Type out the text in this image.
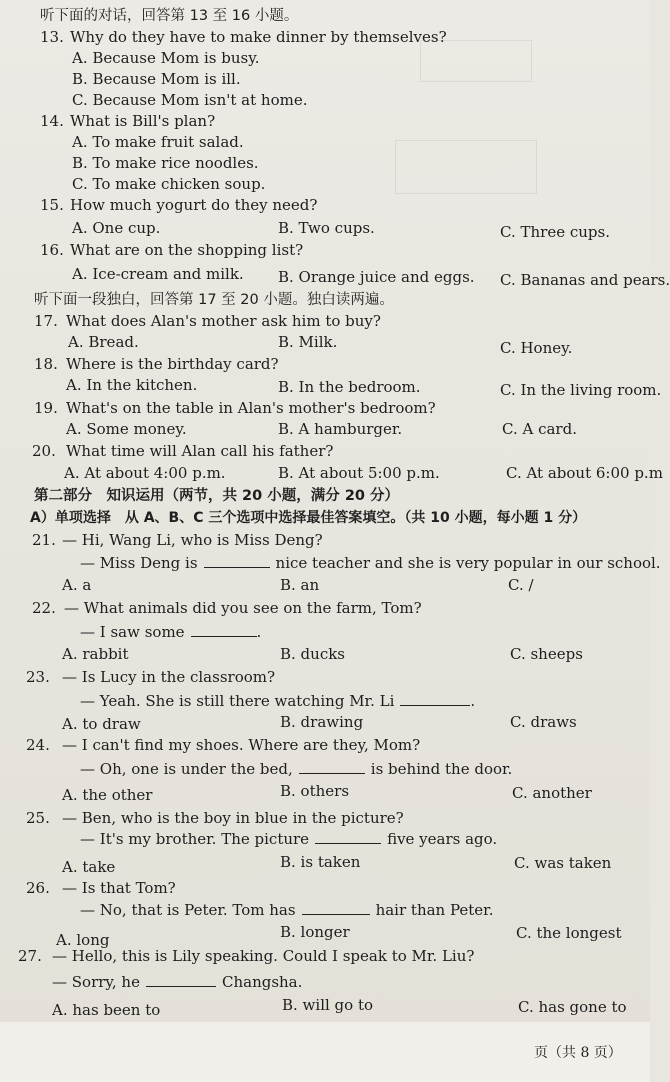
听下面的对话，回答第 13 至 16 小题。
13. Why do they have to make dinner by themselves?
A. Because Mom is busy.
B. Because Mom is ill.
C. Because Mom isn't at home.
14. What is Bill's plan?
A. To make fruit salad.
B. To make rice noodles.
C. To make chicken soup.
15. How much yogurt do they need?
A. One cup.	B. Two cups.	C. Three cups.
16. What are on the shopping list?
A. Ice-cream and milk. B. Orange juice and eggs. C. Bananas and pears.
听下面一段独白，回答第 17 至 20 小题。独白读两遍。
17. What does Alan's mother ask him to buy?
A. Bread.	B. Milk.	C. Honey.
18. Where is the birthday card?
A. In the kitchen.	B. In the bedroom.	C. In the living room.
19. What's on the table in Alan's mother's bedroom?
A. Some money.	B. A hamburger.	C. A card.
20. What time will Alan call his father?
A. At about 4:00 p.m.	B. At about 5:00 p.m.	C. At about 6:00 p.m
第二部分　知识运用（两节，共 20 小题，满分 20 分）
A）单项选择　从 A、B、C 三个选项中选择最佳答案填空。（共 10 小题，每小题 1 分）
21. — Hi, Wang Li, who is Miss Deng?
— Miss Deng is	nice teacher and she is very popular in our school.
A. a	B. an	C. /
22. — What animals did you see on the farm, Tom?
— I saw some	.
A. rabbit	B. ducks	C. sheeps
23. — Is Lucy in the classroom?
— Yeah. She is still there watching Mr. Li	.
A. to draw	B. drawing	C. draws
24. — I can't find my shoes. Where are they, Mom?
— Oh, one is under the bed,	is behind the door.
A. the other	B. others	C. another
25. — Ben, who is the boy in blue in the picture?
— It's my brother. The picture	five years ago.
A. take	B. is taken	C. was taken
26. — Is that Tom?
— No, that is Peter. Tom has	hair than Peter.
A. long	B. longer	C. the longest
27. — Hello, this is Lily speaking. Could I speak to Mr. Liu?
— Sorry, he	Changsha.
A. has been to	B. will go to	C. has gone to
页（共 8 页）
